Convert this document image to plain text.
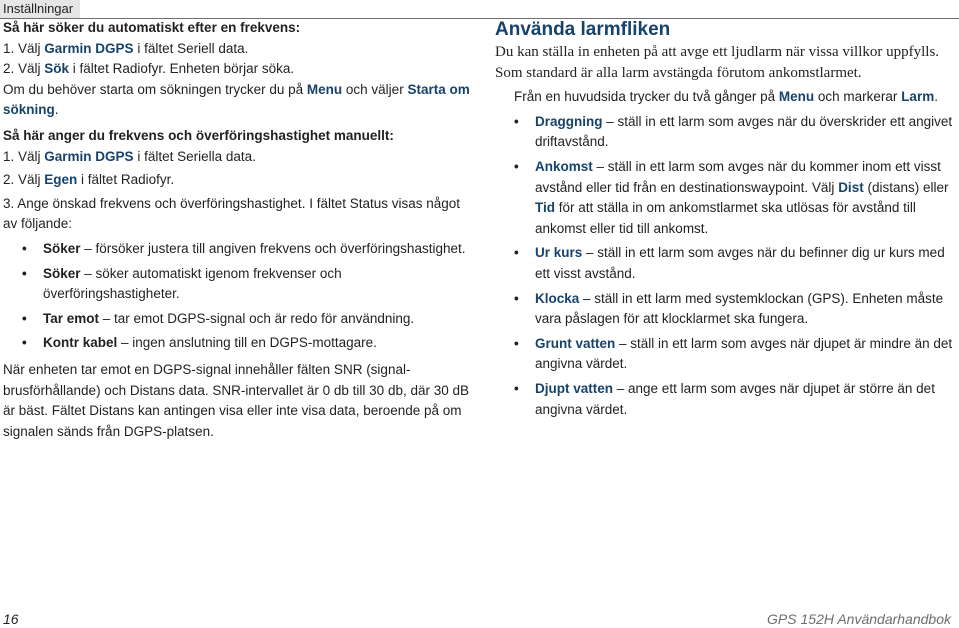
Inställningar

Så här söker du automatiskt efter en frekvens:

1. Välj Garmin DGPS i fältet Seriell data.

2. Välj Sök i fältet Radiofyr. Enheten börjar söka.

Om du behöver starta om sökningen trycker du på Menu och väljer Starta om sökning.

Så här anger du frekvens och överföringshastighet manuellt:

1. Välj Garmin DGPS i fältet Seriella data.

2. Välj Egen i fältet Radiofyr.

3. Ange önskad frekvens och överföringshastighet. I fältet Status visas något av följande:

• Söker – försöker justera till angiven frekvens och överföringshastighet.
• Söker – söker automatiskt igenom frekvenser och överföringshastigheter.
• Tar emot – tar emot DGPS-signal och är redo för användning.
• Kontr kabel – ingen anslutning till en DGPS-mottagare.

När enheten tar emot en DGPS-signal innehåller fälten SNR (signal-brusförhållande) och Distans data. SNR-intervallet är 0 db till 30 db, där 30 dB är bäst. Fältet Distans kan antingen visa eller inte visa data, beroende på om signalen sänds från DGPS-platsen.

Använda larmfliken

Du kan ställa in enheten på att avge ett ljudlarm när vissa villkor uppfylls. Som standard är alla larm avstängda förutom ankomstlarmet.

Från en huvudsida trycker du två gånger på Menu och markerar Larm.

• Draggning – ställ in ett larm som avges när du överskrider ett angivet driftavstånd.
• Ankomst – ställ in ett larm som avges när du kommer inom ett visst avstånd eller tid från en destinationswaypoint. Välj Dist (distans) eller Tid för att ställa in om ankomstlarmet ska utlösas för avstånd till ankomst eller tid till ankomst.
• Ur kurs – ställ in ett larm som avges när du befinner dig ur kurs med ett visst avstånd.
• Klocka – ställ in ett larm med systemklockan (GPS). Enheten måste vara påslagen för att klocklarmet ska fungera.
• Grunt vatten – ställ in ett larm som avges när djupet är mindre än det angivna värdet.
• Djupt vatten – ange ett larm som avges när djupet är större än det angivna värdet.
16	GPS 152H Användarhandbok
